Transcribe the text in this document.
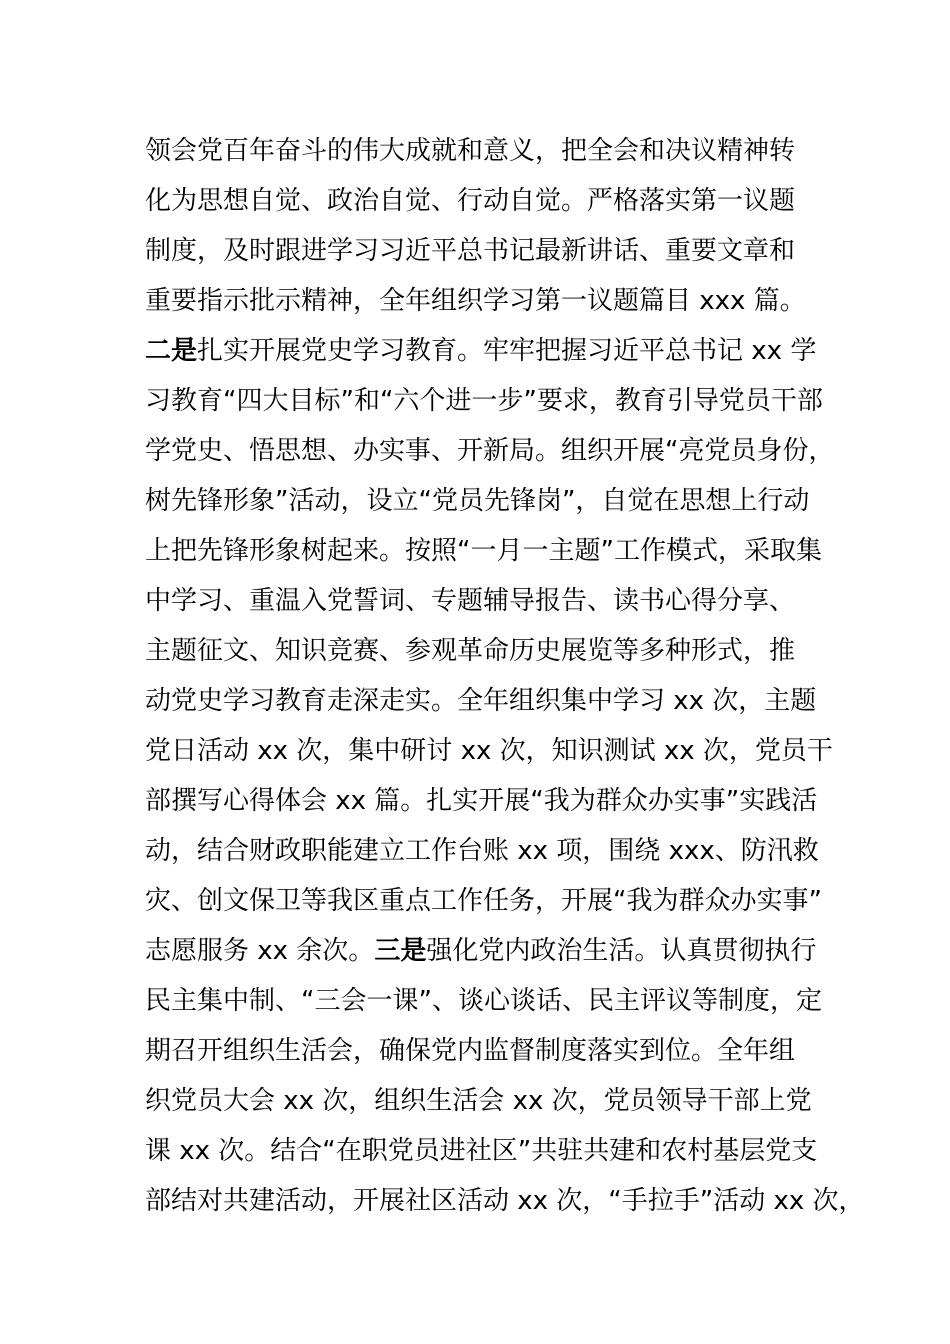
领会党百年奋斗的伟大成就和意义，把全会和决议精神转
化为思想自觉、政治自觉、行动自觉。严格落实第一议题
制度，及时跟进学习习近平总书记最新讲话、重要文章和
重要指示批示精神，全年组织学习第一议题篇目 xxx 篇。
二是扎实开展党史学习教育。牢牢把握习近平总书记 xx 学
习教育“四大目标”和“六个进一步”要求，教育引导党员干部
学党史、悟思想、办实事、开新局。组织开展“亮党员身份，
树先锋形象”活动，设立“党员先锋岗”，自觉在思想上行动
上把先锋形象树起来。按照“一月一主题”工作模式，采取集
中学习、重温入党誓词、专题辅导报告、读书心得分享、
主题征文、知识竞赛、参观革命历史展览等多种形式，推
动党史学习教育走深走实。全年组织集中学习 xx 次，主题
党日活动 xx 次，集中研讨 xx 次，知识测试 xx 次，党员干
部撰写心得体会 xx 篇。扎实开展“我为群众办实事”实践活
动，结合财政职能建立工作台账 xx 项，围绕 xxx、防汛救
灾、创文保卫等我区重点工作任务，开展“我为群众办实事”
志愿服务 xx 余次。三是强化党内政治生活。认真贯彻执行
民主集中制、“三会一课”、谈心谈话、民主评议等制度，定
期召开组织生活会，确保党内监督制度落实到位。全年组
织党员大会 xx 次，组织生活会 xx 次，党员领导干部上党
课 xx 次。结合“在职党员进社区”共驻共建和农村基层党支
部结对共建活动，开展社区活动 xx 次，“手拉手”活动 xx 次，
